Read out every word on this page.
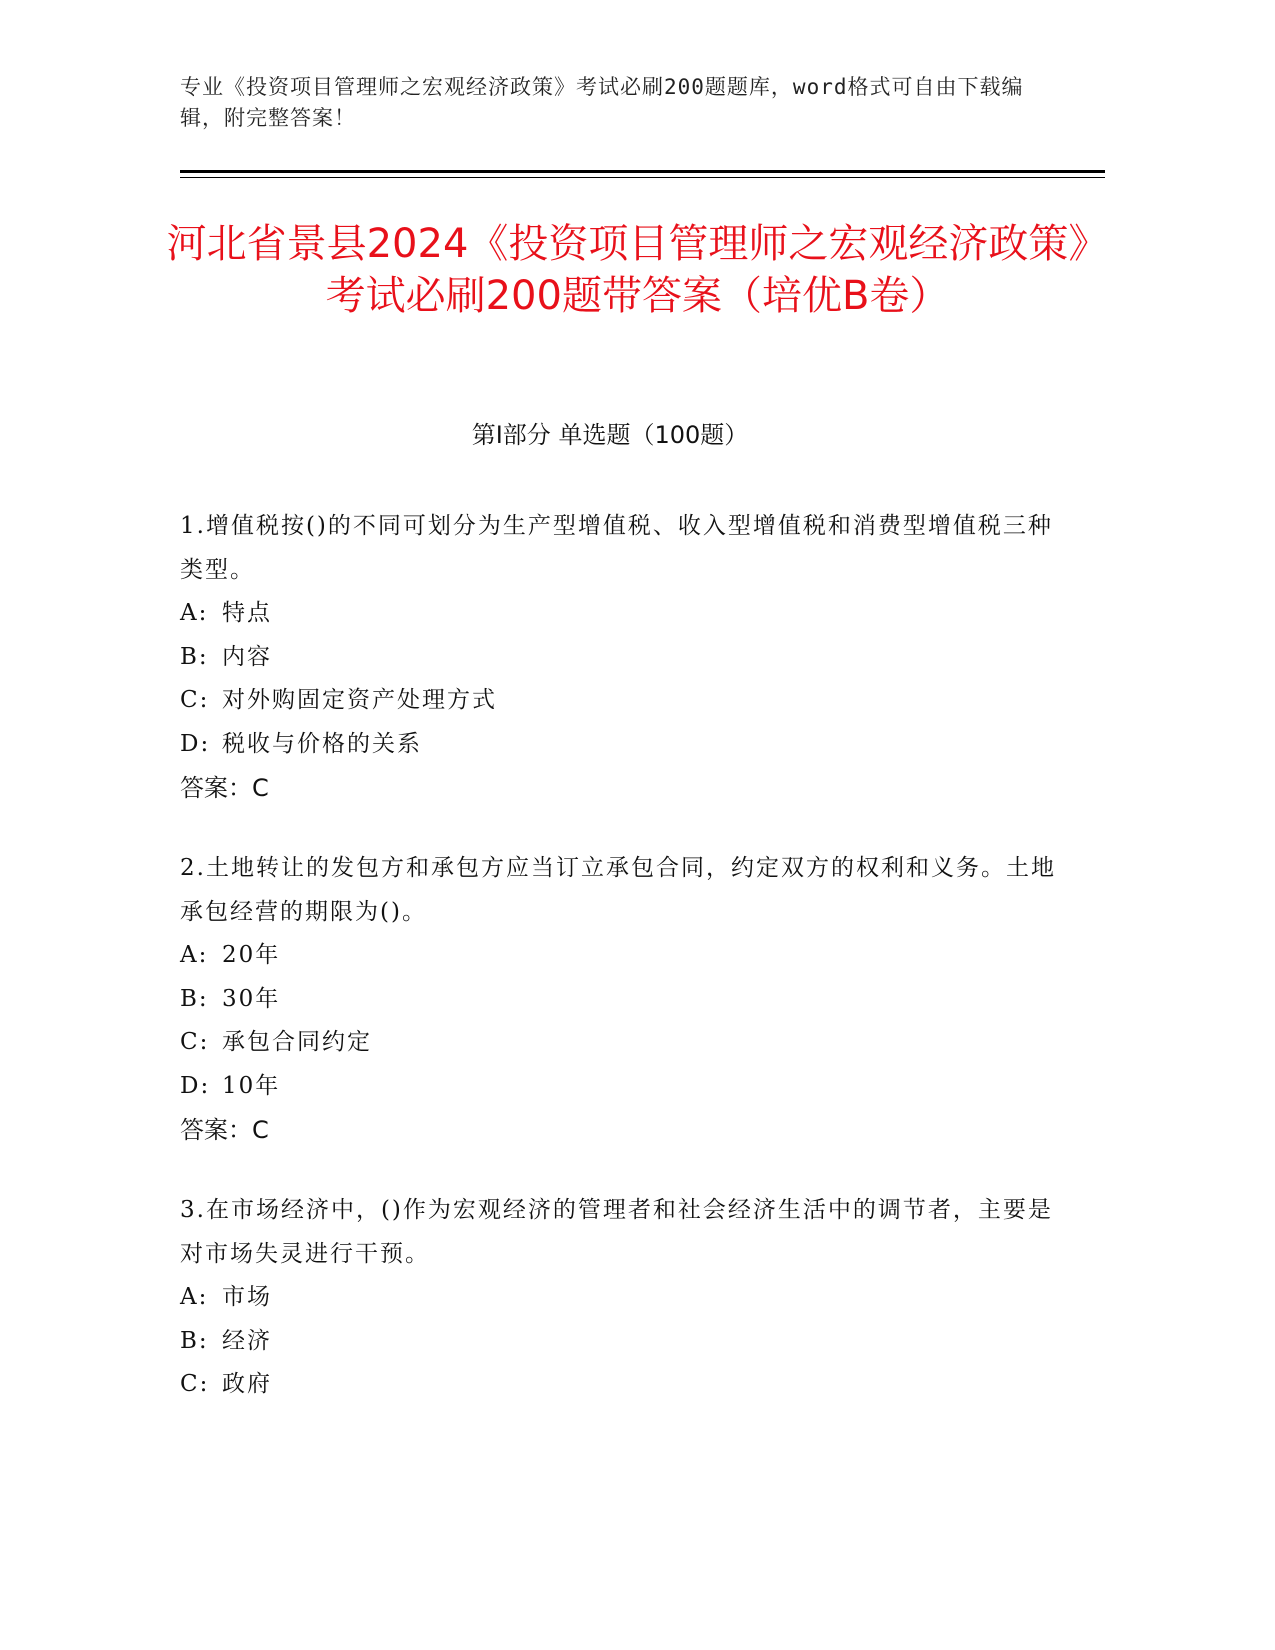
专业《投资项目管理师之宏观经济政策》考试必刷200题题库，word格式可自由下载编辑，附完整答案！
河北省景县2024《投资项目管理师之宏观经济政策》考试必刷200题带答案（培优B卷）
第Ⅰ部分 单选题（100题）
1.增值税按()的不同可划分为生产型增值税、收入型增值税和消费型增值税三种类型。
A: 特点
B: 内容
C: 对外购固定资产处理方式
D: 税收与价格的关系
答案：C
2.土地转让的发包方和承包方应当订立承包合同，约定双方的权利和义务。土地承包经营的期限为()。
A: 20年
B: 30年
C: 承包合同约定
D: 10年
答案：C
3.在市场经济中，()作为宏观经济的管理者和社会经济生活中的调节者，主要是对市场失灵进行干预。
A: 市场
B: 经济
C: 政府
